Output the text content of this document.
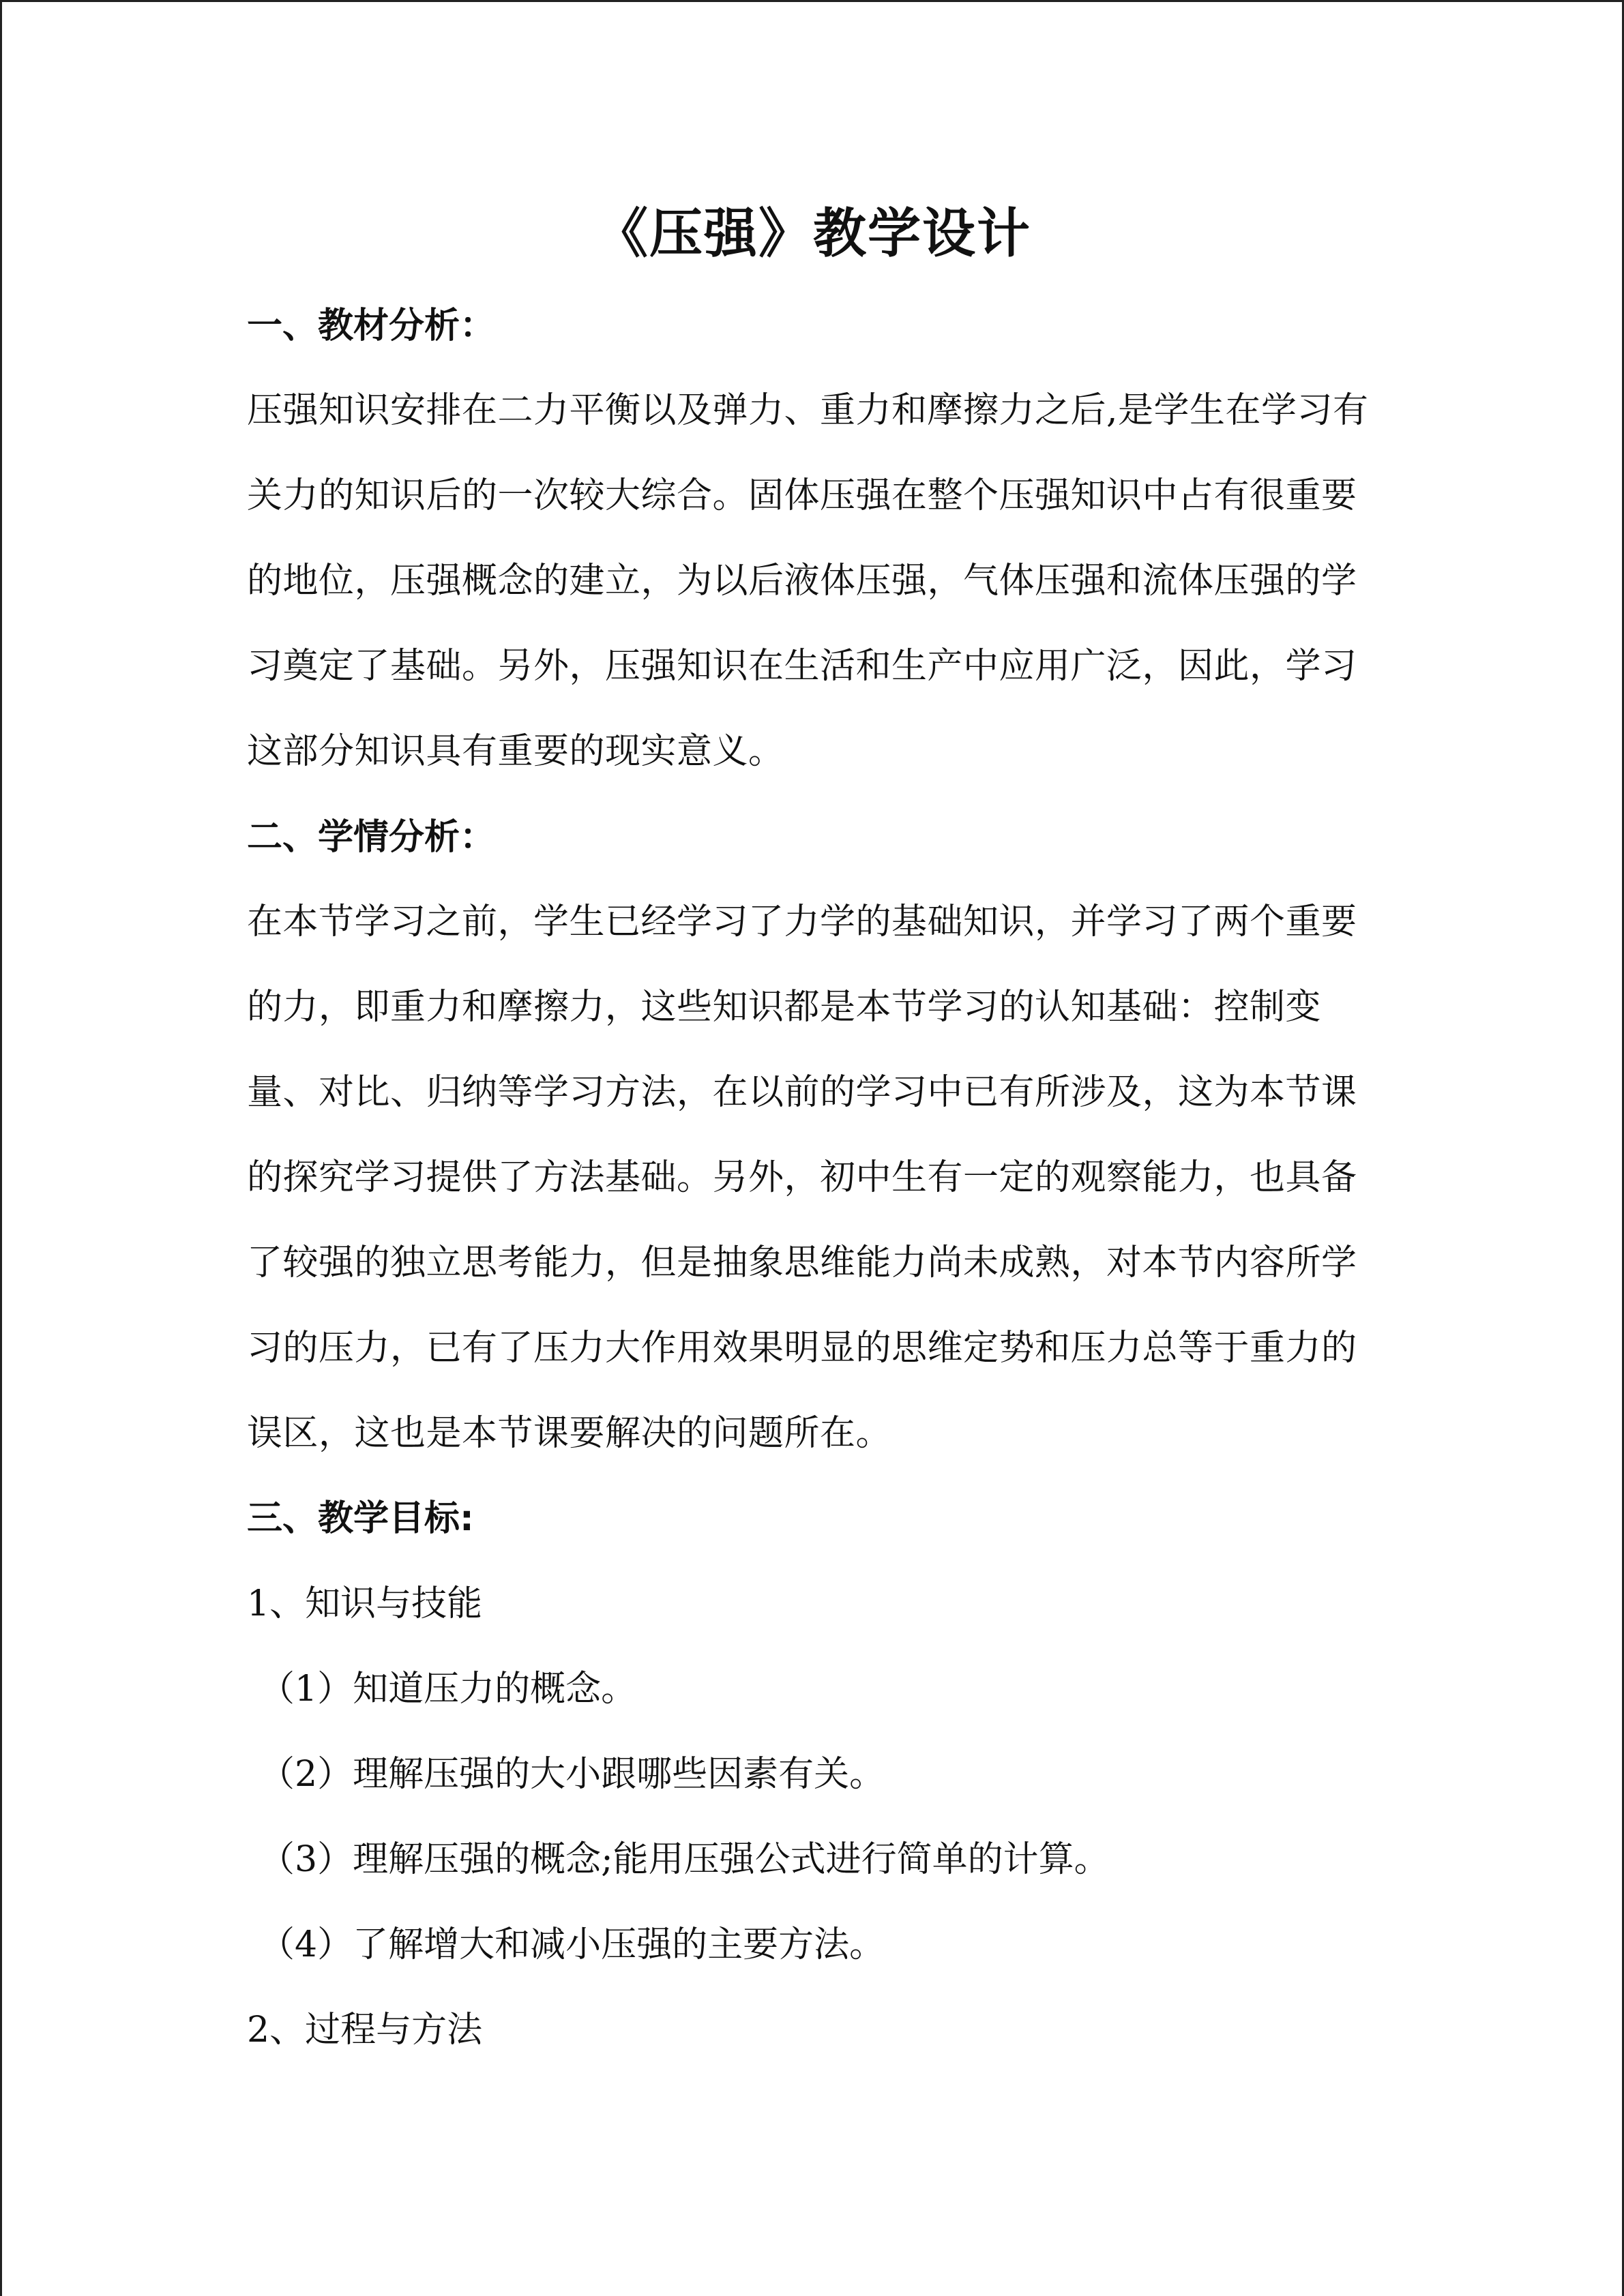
《压强》教学设计
一、教材分析：

压强知识安排在二力平衡以及弹力、重力和摩擦力之后,是学生在学习有关力的知识后的一次较大综合。固体压强在整个压强知识中占有很重要的地位，压强概念的建立，为以后液体压强，气体压强和流体压强的学习奠定了基础。另外，压强知识在生活和生产中应用广泛，因此，学习这部分知识具有重要的现实意义。

二、学情分析：

在本节学习之前，学生已经学习了力学的基础知识，并学习了两个重要的力，即重力和摩擦力，这些知识都是本节学习的认知基础：控制变量、对比、归纳等学习方法，在以前的学习中已有所涉及，这为本节课的探究学习提供了方法基础。另外，初中生有一定的观察能力，也具备了较强的独立思考能力，但是抽象思维能力尚未成熟，对本节内容所学习的压力，已有了压力大作用效果明显的思维定势和压力总等于重力的误区，这也是本节课要解决的问题所在。

三、教学目标:

1、知识与技能

（1）知道压力的概念。

（2）理解压强的大小跟哪些因素有关。

（3）理解压强的概念;能用压强公式进行简单的计算。

（4）了解增大和减小压强的主要方法。

2、过程与方法
